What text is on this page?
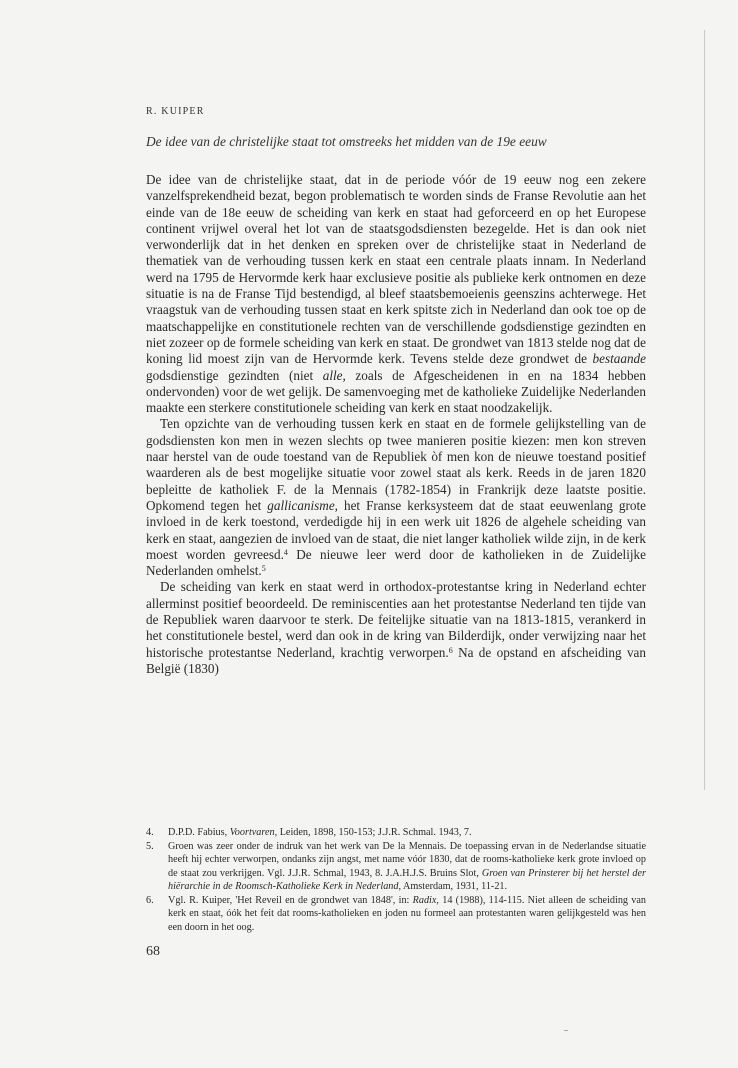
R. KUIPER
De idee van de christelijke staat tot omstreeks het midden van de 19e eeuw

De idee van de christelijke staat, dat in de periode vóór de 19 eeuw nog een zekere vanzelfsprekendheid bezat, begon problematisch te worden sinds de Franse Revolutie aan het einde van de 18e eeuw de scheiding van kerk en staat had geforceerd en op het Europese continent vrijwel overal het lot van de staatsgodsdiensten bezegelde. Het is dan ook niet verwonderlijk dat in het denken en spreken over de christelijke staat in Nederland de thematiek van de verhouding tussen kerk en staat een centrale plaats innam. In Nederland werd na 1795 de Hervormde kerk haar exclusieve positie als publieke kerk ontnomen en deze situatie is na de Franse Tijd bestendigd, al bleef staatsbemoeienis geenszins achterwege. Het vraagstuk van de verhouding tussen staat en kerk spitste zich in Nederland dan ook toe op de maatschappelijke en constitutionele rechten van de verschillende godsdienstige gezindten en niet zozeer op de formele scheiding van kerk en staat. De grondwet van 1813 stelde nog dat de koning lid moest zijn van de Hervormde kerk. Tevens stelde deze grondwet de bestaande godsdienstige gezindten (niet alle, zoals de Afgescheidenen in en na 1834 hebben ondervonden) voor de wet gelijk. De samenvoeging met de katholieke Zuidelijke Nederlanden maakte een sterkere constitutionele scheiding van kerk en staat noodzakelijk.

Ten opzichte van de verhouding tussen kerk en staat en de formele gelijkstelling van de godsdiensten kon men in wezen slechts op twee manieren positie kiezen: men kon streven naar herstel van de oude toestand van de Republiek òf men kon de nieuwe toestand positief waarderen als de best mogelijke situatie voor zowel staat als kerk. Reeds in de jaren 1820 bepleitte de katholiek F. de la Mennais (1782-1854) in Frankrijk deze laatste positie. Opkomend tegen het gallicanisme, het Franse kerksysteem dat de staat eeuwenlang grote invloed in de kerk toestond, verdedigde hij in een werk uit 1826 de algehele scheiding van kerk en staat, aangezien de invloed van de staat, die niet langer katholiek wilde zijn, in de kerk moest worden gevreesd.$^4$ De nieuwe leer werd door de katholieken in de Zuidelijke Nederlanden omhelst.$^5$

De scheiding van kerk en staat werd in orthodox-protestantse kring in Nederland echter allerminst positief beoordeeld. De reminiscenties aan het protestantse Nederland ten tijde van de Republiek waren daarvoor te sterk. De feitelijke situatie van na 1813-1815, verankerd in het constitutionele bestel, werd dan ook in de kring van Bilderdijk, onder verwijzing naar het historische protestantse Nederland, krachtig verworpen.$^6$ Na de opstand en afscheiding van België (1830)

4.	D.P.D. Fabius, Voortvaren, Leiden, 1898, 150-153; J.J.R. Schmal. 1943, 7.
5.	Groen was zeer onder de indruk van het werk van De la Mennais. De toepassing ervan in de Nederlandse situatie heeft hij echter verworpen, ondanks zijn angst, met name vóór 1830, dat de rooms-katholieke kerk grote invloed op de staat zou verkrijgen. Vgl. J.J.R. Schmal, 1943, 8. J.A.H.J.S. Bruins Slot, Groen van Prinsterer bij het herstel der hiërarchie in de Roomsch-Katholieke Kerk in Nederland, Amsterdam, 1931, 11-21.
6.	Vgl. R. Kuiper, 'Het Reveil en de grondwet van 1848', in: Radix, 14 (1988), 114-115. Niet alleen de scheiding van kerk en staat, óók het feit dat rooms-katholieken en joden nu formeel aan protestanten waren gelijkgesteld was hen een doorn in het oog.
68
